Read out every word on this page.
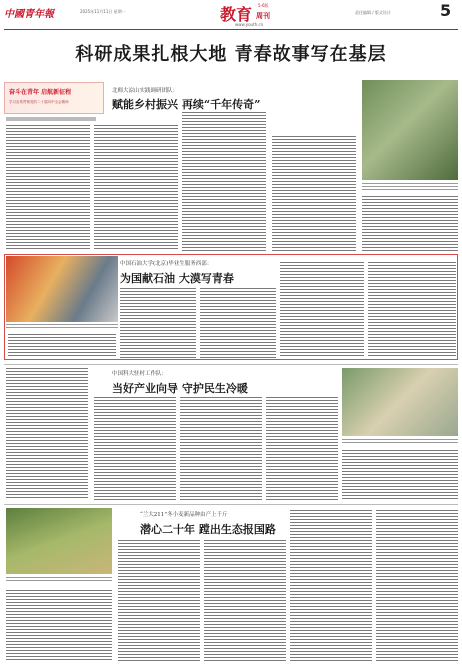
中國青年報	2025年11月11日 星期一	教育 周刊
5-6版
www.youth.cn
责任编辑 / 版式设计	5
科研成果扎根大地 青春故事写在基层
奋斗在青年 启航新征程
学习宣传贯彻党的二十届四中全会精神
北师大凉山实践调研团队：
赋能乡村振兴 再续“千年传奇”
中国石油大学(北京)毕业生服务西部：
为国献石油 大漠写青春
中国科大驻村工作队：
当好产业向导 守护民生冷暖
“兰大211”冬小麦新品种由产上千斤
潜心二十年 蹚出生态报国路
